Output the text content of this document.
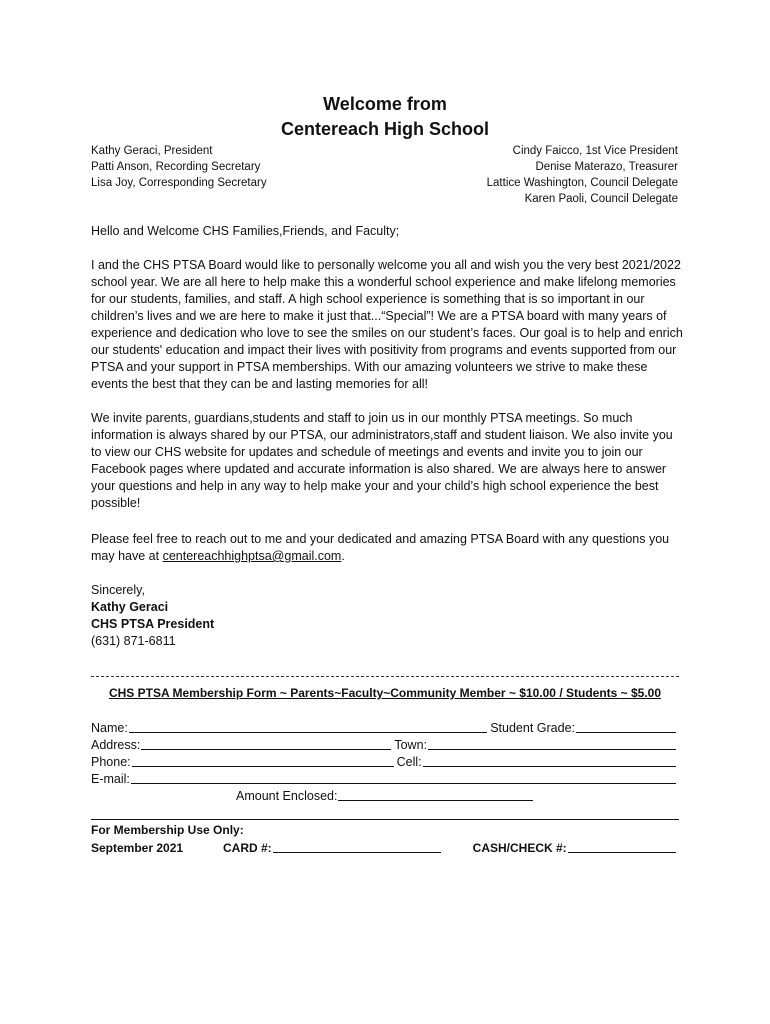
Welcome from
Centereach High School
Kathy Geraci, President
Patti Anson, Recording Secretary
Lisa Joy, Corresponding Secretary
Cindy Faicco, 1st Vice President
Denise Materazo, Treasurer
Lattice Washington, Council Delegate
Karen Paoli, Council Delegate
Hello and Welcome CHS Families,Friends, and Faculty;

I and the CHS PTSA Board would like to personally welcome you all and wish you the very best 2021/2022 school year. We are all here to help make this a wonderful school experience and make lifelong memories for our students, families, and staff. A high school experience is something that is so important in our children’s lives and we are here to make it just that...“Special”! We are a PTSA board with many years of experience and dedication who love to see the smiles on our student’s faces. Our goal is to help and enrich our students' education and impact their lives with positivity from programs and events supported from our PTSA and your support in PTSA memberships. With our amazing volunteers we strive to make these events the best that they can be and lasting memories for all!

We invite parents, guardians,students and staff to join us in our monthly PTSA meetings. So much information is always shared by our PTSA, our administrators,staff and student liaison. We also invite you to view our CHS website for updates and schedule of meetings and events and invite you to join our Facebook pages where updated and accurate information is also shared. We are always here to answer your questions and help in any way to help make your and your child’s high school experience the best possible!

Please feel free to reach out to me and your dedicated and amazing PTSA Board with any questions you
may have at centereachhighptsa@gmail.com.
Sincerely,
Kathy Geraci
CHS PTSA President
(631) 871-6811
CHS PTSA Membership Form ~ Parents~Faculty~Community Member ~ $10.00 / Students ~ $5.00
Name:	Student Grade:
Address:	Town:
Phone:	Cell:
E-mail:
Amount Enclosed:
For Membership Use Only:
September 2021	CARD #:	CASH/CHECK #:
